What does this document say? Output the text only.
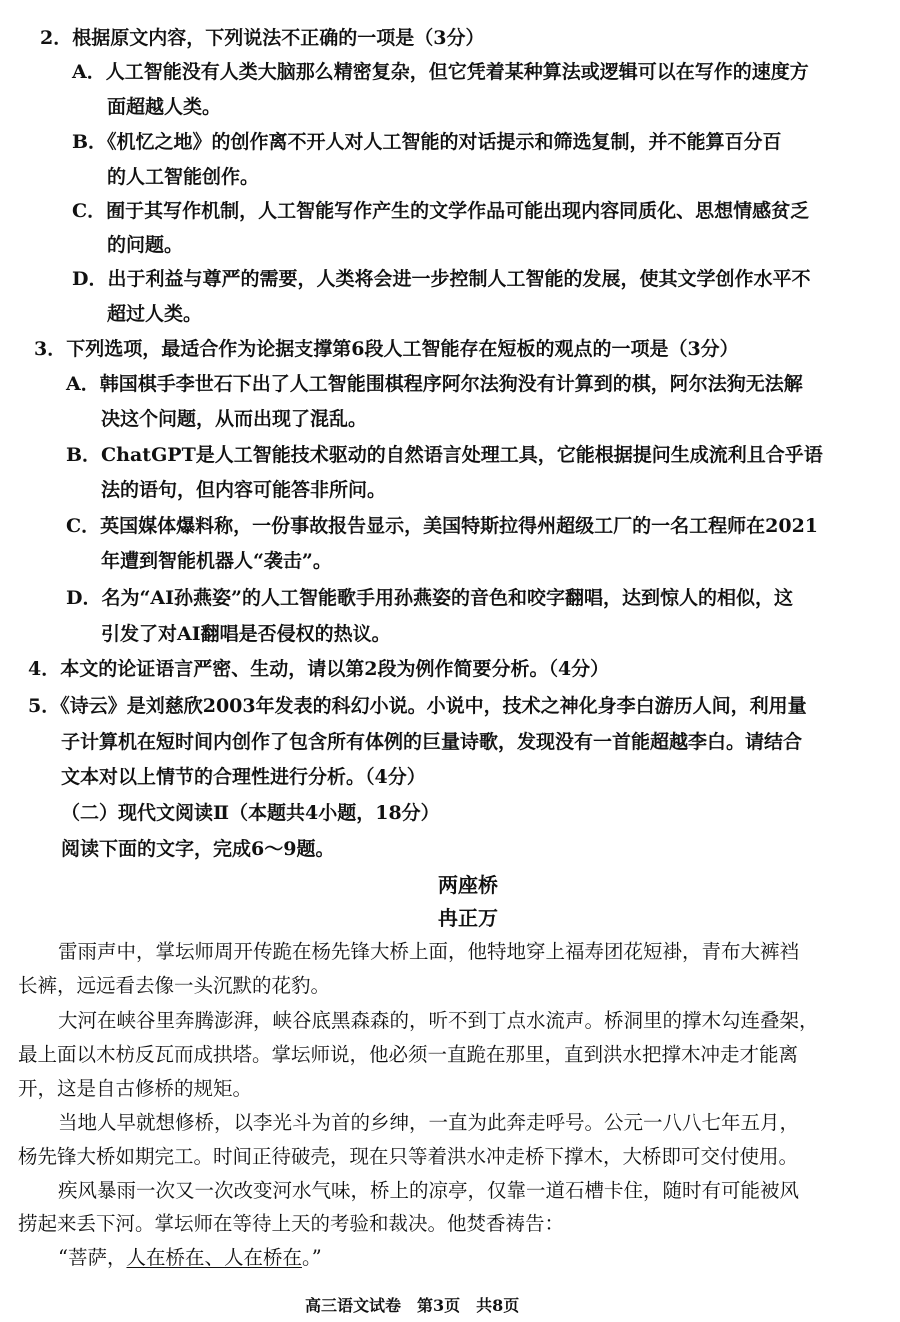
2．根据原文内容，下列说法不正确的一项是（3分）
A．人工智能没有人类大脑那么精密复杂，但它凭着某种算法或逻辑可以在写作的速度方
面超越人类。
B．《机忆之地》的创作离不开人对人工智能的对话提示和筛选复制，并不能算百分百
的人工智能创作。
C．囿于其写作机制，人工智能写作产生的文学作品可能出现内容同质化、思想情感贫乏
的问题。
D．出于利益与尊严的需要，人类将会进一步控制人工智能的发展，使其文学创作水平不
超过人类。
3．下列选项，最适合作为论据支撑第6段人工智能存在短板的观点的一项是（3分）
A．韩国棋手李世石下出了人工智能围棋程序阿尔法狗没有计算到的棋，阿尔法狗无法解
决这个问题，从而出现了混乱。
B．ChatGPT是人工智能技术驱动的自然语言处理工具，它能根据提问生成流利且合乎语
法的语句，但内容可能答非所问。
C．英国媒体爆料称，一份事故报告显示，美国特斯拉得州超级工厂的一名工程师在2021
年遭到智能机器人“袭击”。
D．名为“AI孙燕姿”的人工智能歌手用孙燕姿的音色和咬字翻唱，达到惊人的相似，这
引发了对AI翻唱是否侵权的热议。
4．本文的论证语言严密、生动，请以第2段为例作简要分析。（4分）
5．《诗云》是刘慈欣2003年发表的科幻小说。小说中，技术之神化身李白游历人间，利用量
子计算机在短时间内创作了包含所有体例的巨量诗歌，发现没有一首能超越李白。请结合
文本对以上情节的合理性进行分析。（4分）
（二）现代文阅读Ⅱ（本题共4小题，18分）
阅读下面的文字，完成6～9题。
两座桥
冉正万
雷雨声中，掌坛师周开传跪在杨先锋大桥上面，他特地穿上福寿团花短褂，青布大裤裆
长裤，远远看去像一头沉默的花豹。
大河在峡谷里奔腾澎湃，峡谷底黑森森的，听不到丁点水流声。桥洞里的撑木勾连叠架，
最上面以木枋反瓦而成拱塔。掌坛师说，他必须一直跪在那里，直到洪水把撑木冲走才能离
开，这是自古修桥的规矩。
当地人早就想修桥，以李光斗为首的乡绅，一直为此奔走呼号。公元一八八七年五月，
杨先锋大桥如期完工。时间正待破壳，现在只等着洪水冲走桥下撑木，大桥即可交付使用。
疾风暴雨一次又一次改变河水气味，桥上的凉亭，仅靠一道石槽卡住，随时有可能被风
捞起来丢下河。掌坛师在等待上天的考验和裁决。他焚香祷告：
“菩萨，人在桥在、人在桥在。”
高三语文试卷　第3页　共8页
